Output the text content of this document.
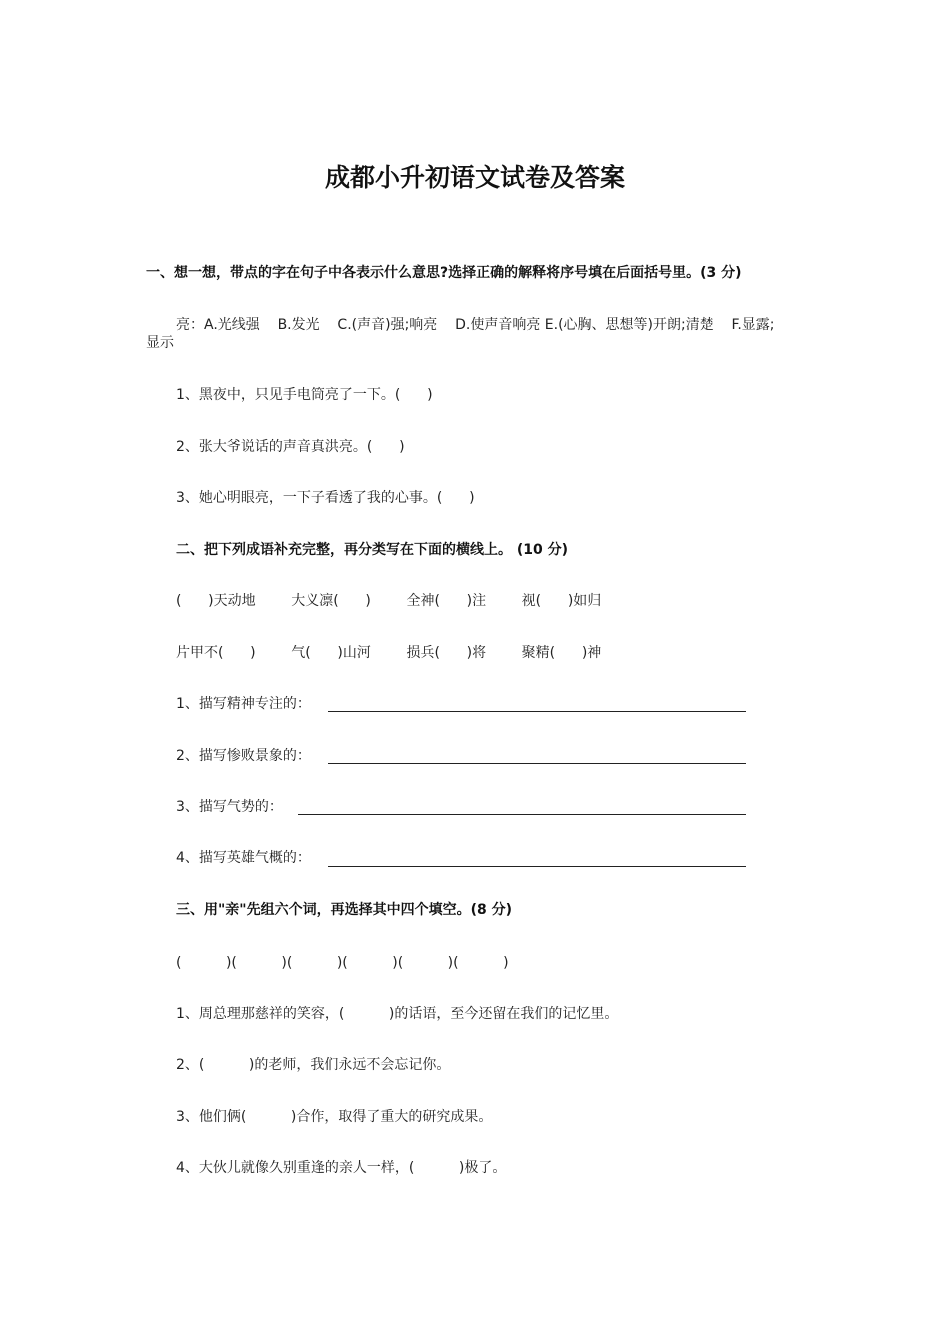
成都小升初语文试卷及答案
一、想一想，带点的字在句子中各表示什么意思?选择正确的解释将序号填在后面括号里。(3 分)
亮：A.光线强    B.发光    C.(声音)强;响亮    D.使声音响亮 E.(心胸、思想等)开朗;清楚    F.显露;
显示
1、黑夜中，只见手电筒亮了一下。(      )
2、张大爷说话的声音真洪亮。(      )
3、她心明眼亮，一下子看透了我的心事。(      )
二、把下列成语补充完整，再分类写在下面的横线上。 (10 分)
(      )天动地        大义凛(      )        全神(      )注        视(      )如归
片甲不(      )        气(      )山河        损兵(      )将        聚精(      )神
1、描写精神专注的：
2、描写惨败景象的：
3、描写气势的：
4、描写英雄气概的：
三、用"亲"先组六个词，再选择其中四个填空。(8 分)
(          )(          )(          )(          )(          )(          )
1、周总理那慈祥的笑容，(          )的话语，至今还留在我们的记忆里。
2、(          )的老师，我们永远不会忘记你。
3、他们俩(          )合作，取得了重大的研究成果。
4、大伙儿就像久别重逢的亲人一样，(          )极了。
